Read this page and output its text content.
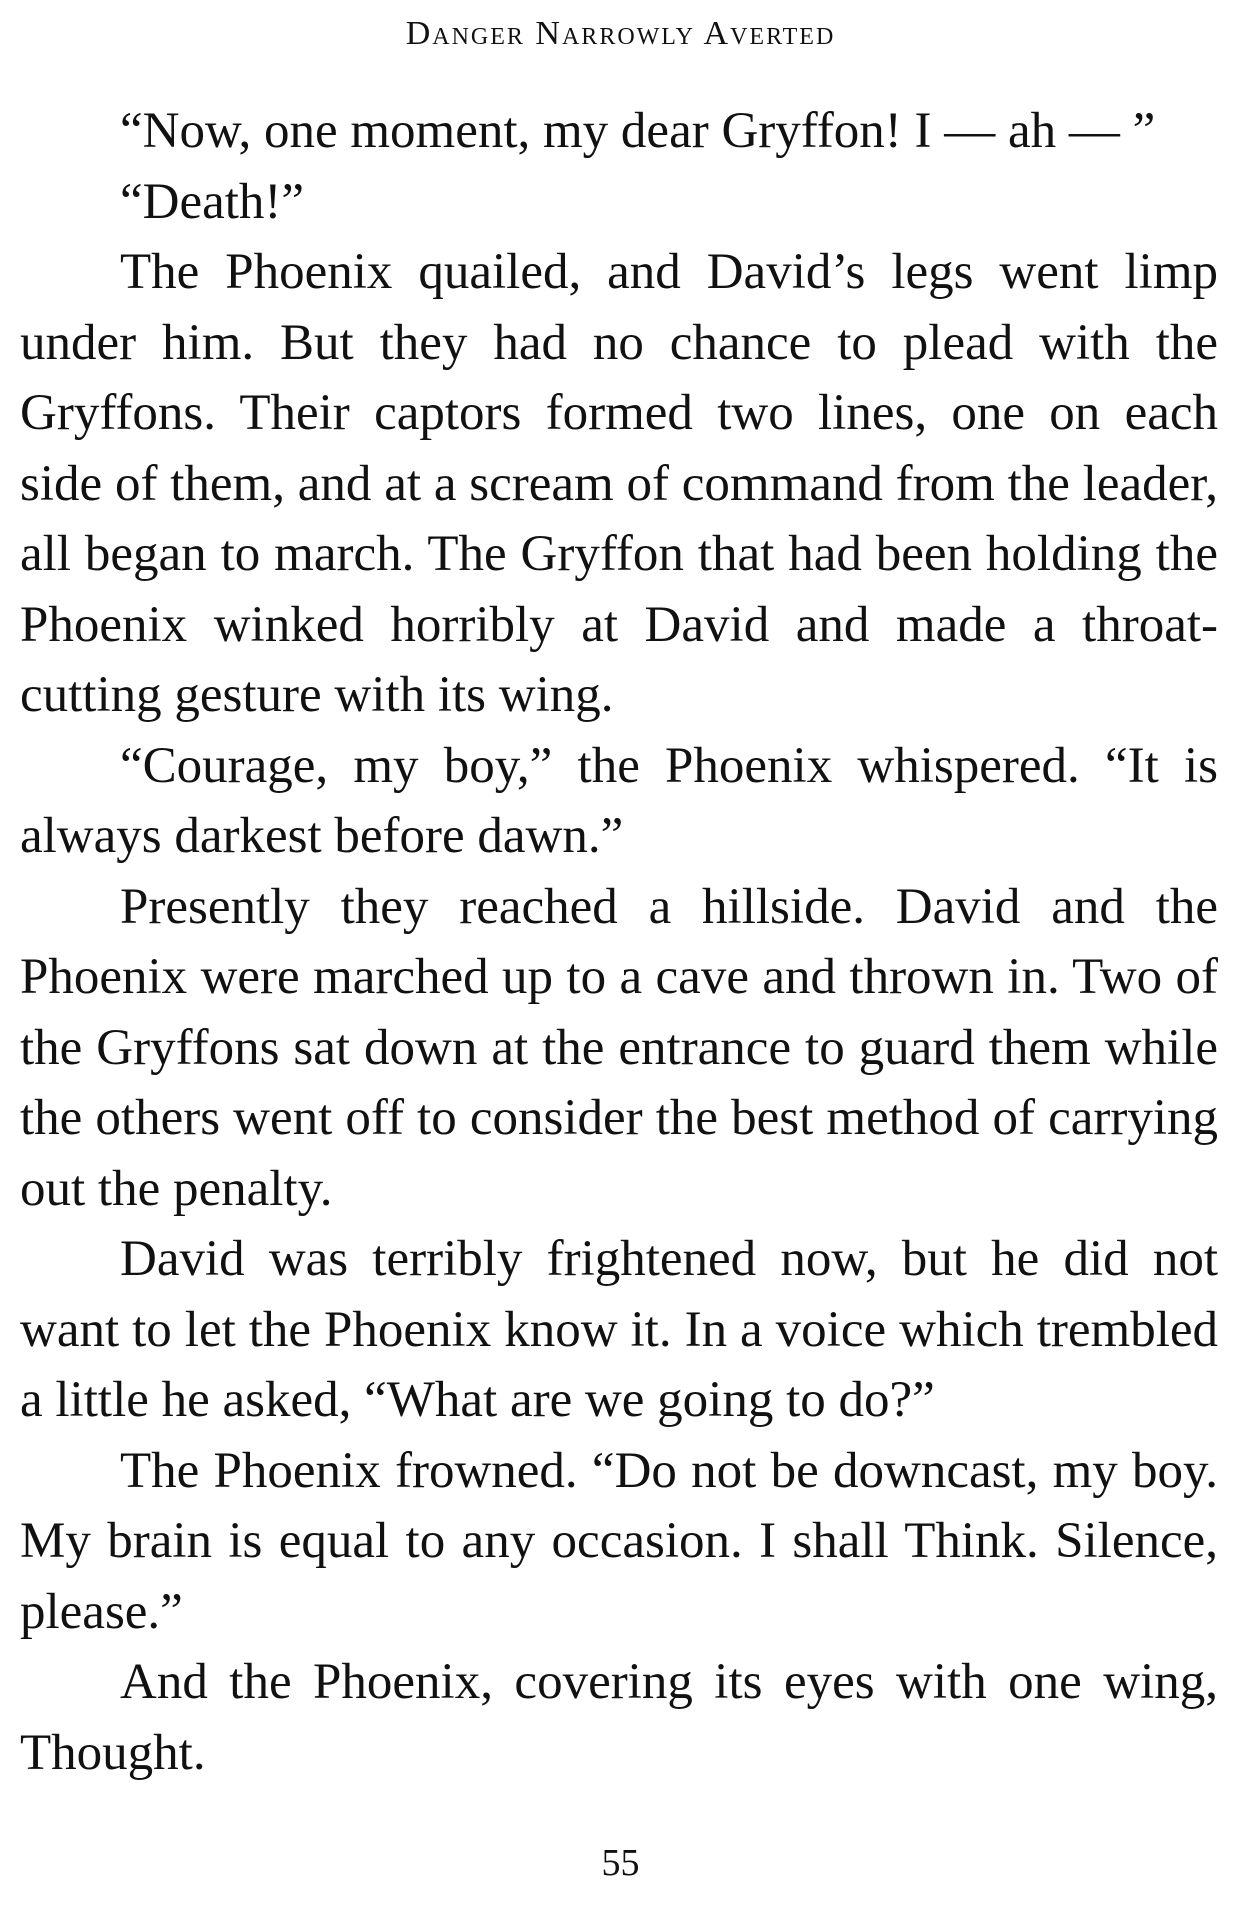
Danger Narrowly Averted

“Now, one moment, my dear Gryffon! I — ah — ”

“Death!”

The Phoenix quailed, and David’s legs went limp under him. But they had no chance to plead with the Gryffons. Their captors formed two lines, one on each side of them, and at a scream of command from the leader, all began to march. The Gryffon that had been holding the Phoenix winked horribly at David and made a throat-cutting gesture with its wing.

“Courage, my boy,” the Phoenix whispered. “It is always darkest before dawn.”

Presently they reached a hillside. David and the Phoenix were marched up to a cave and thrown in. Two of the Gryffons sat down at the entrance to guard them while the others went off to consider the best method of carrying out the penalty.

David was terribly frightened now, but he did not want to let the Phoenix know it. In a voice which trembled a little he asked, “What are we going to do?”

The Phoenix frowned. “Do not be downcast, my boy. My brain is equal to any occasion. I shall Think. Silence, please.”

And the Phoenix, covering its eyes with one wing, Thought.

55
